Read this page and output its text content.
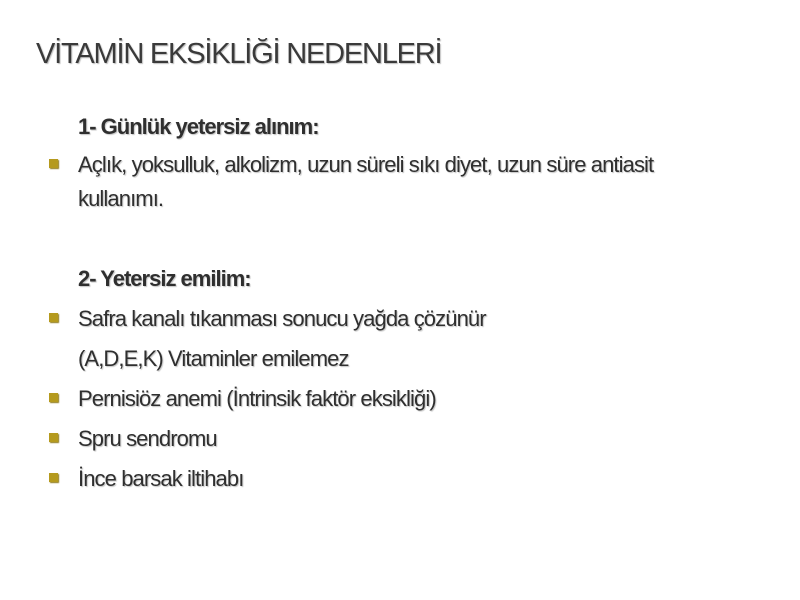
VİTAMİN EKSİKLİĞİ NEDENLERİ
1- Günlük yetersiz alınım:
Açlık, yoksulluk, alkolizm, uzun süreli sıkı diyet, uzun süre antiasit kullanımı.
2- Yetersiz emilim:
Safra kanalı tıkanması sonucu yağda çözünür
(A,D,E,K) Vitaminler emilemez
Pernisiöz anemi (İntrinsik faktör eksikliği)
Spru sendromu
İnce barsak iltihabı
